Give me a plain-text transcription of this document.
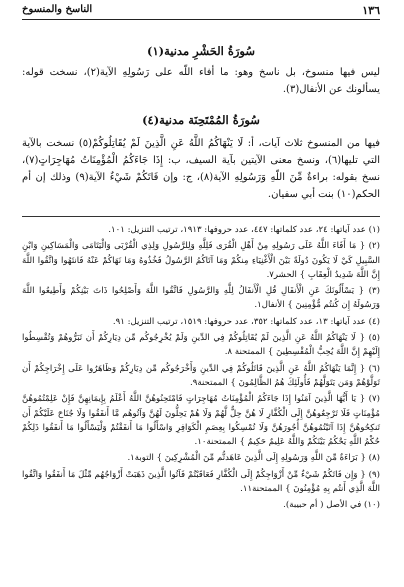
١٣٦
الناسخ والمنسوخ
سُورَةُ الحَشْرِ مدنية(١)

ليس فيها منسوخ، بل ناسخ وهو: ما أفاء اللّه على رَسُولِهِ الآية(٢)، نسخت قوله: يسألونك عن الأنفال(٣).

سُورَةُ المُمْتَحِنَة مدنية(٤)

فيها من المنسوخ ثلاث آيات، أ: لَا يَنْهَاكُمُ اللَّهُ عَنِ الَّذِينَ لَمْ يُقَاتِلُوكُمْ(٥) نسخت بالآية التي تليها(٦)، ونسخ معنى الآيتين بآية السيف، ب: إِذَا جَاءَكُمُ الْمُؤْمِنَاتُ مُهَاجِرَاتٍ(٧)، نسخ بقوله: براءةٌ مِّنَ اللّهِ وَرَسُولِهِ الآية(٨)، ج: وإن فَاتَكُمْ شَيْءٌ الآية(٩) وذلك إن أم الحكم(١٠) بنت أبي سفيان.

(١) عدد آياتها: ٢٤، عدد كلماتها: ٤٤٧، عدد حروفها: ١٩١٣، ترتيب التنزيل: ١٠١.

(٢) { مَا أَفَاءَ اللَّهُ عَلَى رَسُولِهِ مِنْ أَهْلِ الْقُرَى فَلِلَّهِ وَلِلرَّسُولِ وَلِذِي الْقُرْبَى وَالْيَتَامَى وَالْمَسَاكِينِ وَابْنِ السَّبِيلِ كَيْ لَا يَكُونَ دُولَةً بَيْنَ الْأَغْنِيَاءِ مِنكُمْ وَمَا آتَاكُمُ الرَّسُولُ فَخُذُوهُ وَمَا نَهَاكُمْ عَنْهُ فَانتَهُوا وَاتَّقُوا اللَّهَ إِنَّ اللَّهَ شَدِيدُ الْعِقَابِ } الحشر٧.

(٣) { يَسْأَلُونَكَ عَنِ الْأَنفَالِ قُلِ الْأَنفَالُ لِلَّهِ وَالرَّسُولِ فَاتَّقُوا اللَّهَ وَأَصْلِحُوا ذَاتَ بَيْنِكُمْ وَأَطِيعُوا اللَّهَ وَرَسُولَهُ إِن كُنتُم مُّؤْمِنِينَ } الأنفال١.

(٤) عدد آياتها: ١٣، عدد كلماتها: ٣٥٢، عدد حروفها: ١٥١٩، ترتيب التنزيل: ٩١.

(٥) { لَا يَنْهَاكُمُ اللَّهُ عَنِ الَّذِينَ لَمْ يُقَاتِلُوكُمْ فِي الدِّينِ وَلَمْ يُخْرِجُوكُم مِّن دِيَارِكُمْ أَن تَبَرُّوهُمْ وَتُقْسِطُوا إِلَيْهِمْ إِنَّ اللَّهَ يُحِبُّ الْمُقْسِطِينَ } الممتحنة ٨.

(٦) { إِنَّمَا يَنْهَاكُمُ اللَّهُ عَنِ الَّذِينَ قَاتَلُوكُمْ فِي الدِّينِ وَأَخْرَجُوكُم مِّن دِيَارِكُمْ وَظَاهَرُوا عَلَى إِخْرَاجِكُمْ أَن تَوَلَّوْهُمْ وَمَن يَتَوَلَّهُمْ فَأُولَئِكَ هُمُ الظَّالِمُونَ } الممتحنة٩.

(٧) { يَا أَيُّهَا الَّذِينَ آمَنُوا إِذَا جَاءَكُمُ الْمُؤْمِنَاتُ مُهَاجِرَاتٍ فَامْتَحِنُوهُنَّ اللَّهُ أَعْلَمُ بِإِيمَانِهِنَّ فَإِنْ عَلِمْتُمُوهُنَّ مُؤْمِنَاتٍ فَلَا تَرْجِعُوهُنَّ إِلَى الْكُفَّارِ لَا هُنَّ حِلٌّ لَّهُمْ وَلَا هُمْ يَحِلُّونَ لَهُنَّ وَآتُوهُم مَّا أَنفَقُوا وَلَا جُنَاحَ عَلَيْكُمْ أَن تَنكِحُوهُنَّ إِذَا آتَيْتُمُوهُنَّ أُجُورَهُنَّ وَلَا تُمْسِكُوا بِعِصَمِ الْكَوَافِرِ وَاسْأَلُوا مَا أَنفَقْتُمْ وَلْيَسْأَلُوا مَا أَنفَقُوا ذَلِكُمْ حُكْمُ اللَّهِ يَحْكُمُ بَيْنَكُمْ وَاللَّهُ عَلِيمٌ حَكِيمٌ } الممتحنة١٠.

(٨) { بَرَاءَةٌ مِّنَ اللَّهِ وَرَسُولِهِ إِلَى الَّذِينَ عَاهَدتُّم مِّنَ الْمُشْرِكِينَ } التوبة١.

(٩) { وَإِن فَاتَكُمْ شَيْءٌ مِّنْ أَزْوَاجِكُمْ إِلَى الْكُفَّارِ فَعَاقَبْتُمْ فَآتُوا الَّذِينَ ذَهَبَتْ أَزْوَاجُهُم مِّثْلَ مَا أَنفَقُوا وَاتَّقُوا اللَّهَ الَّذِي أَنتُم بِهِ مُؤْمِنُونَ } الممتحنة١١.

(١٠) في الأصل ( أم حبيبة).
